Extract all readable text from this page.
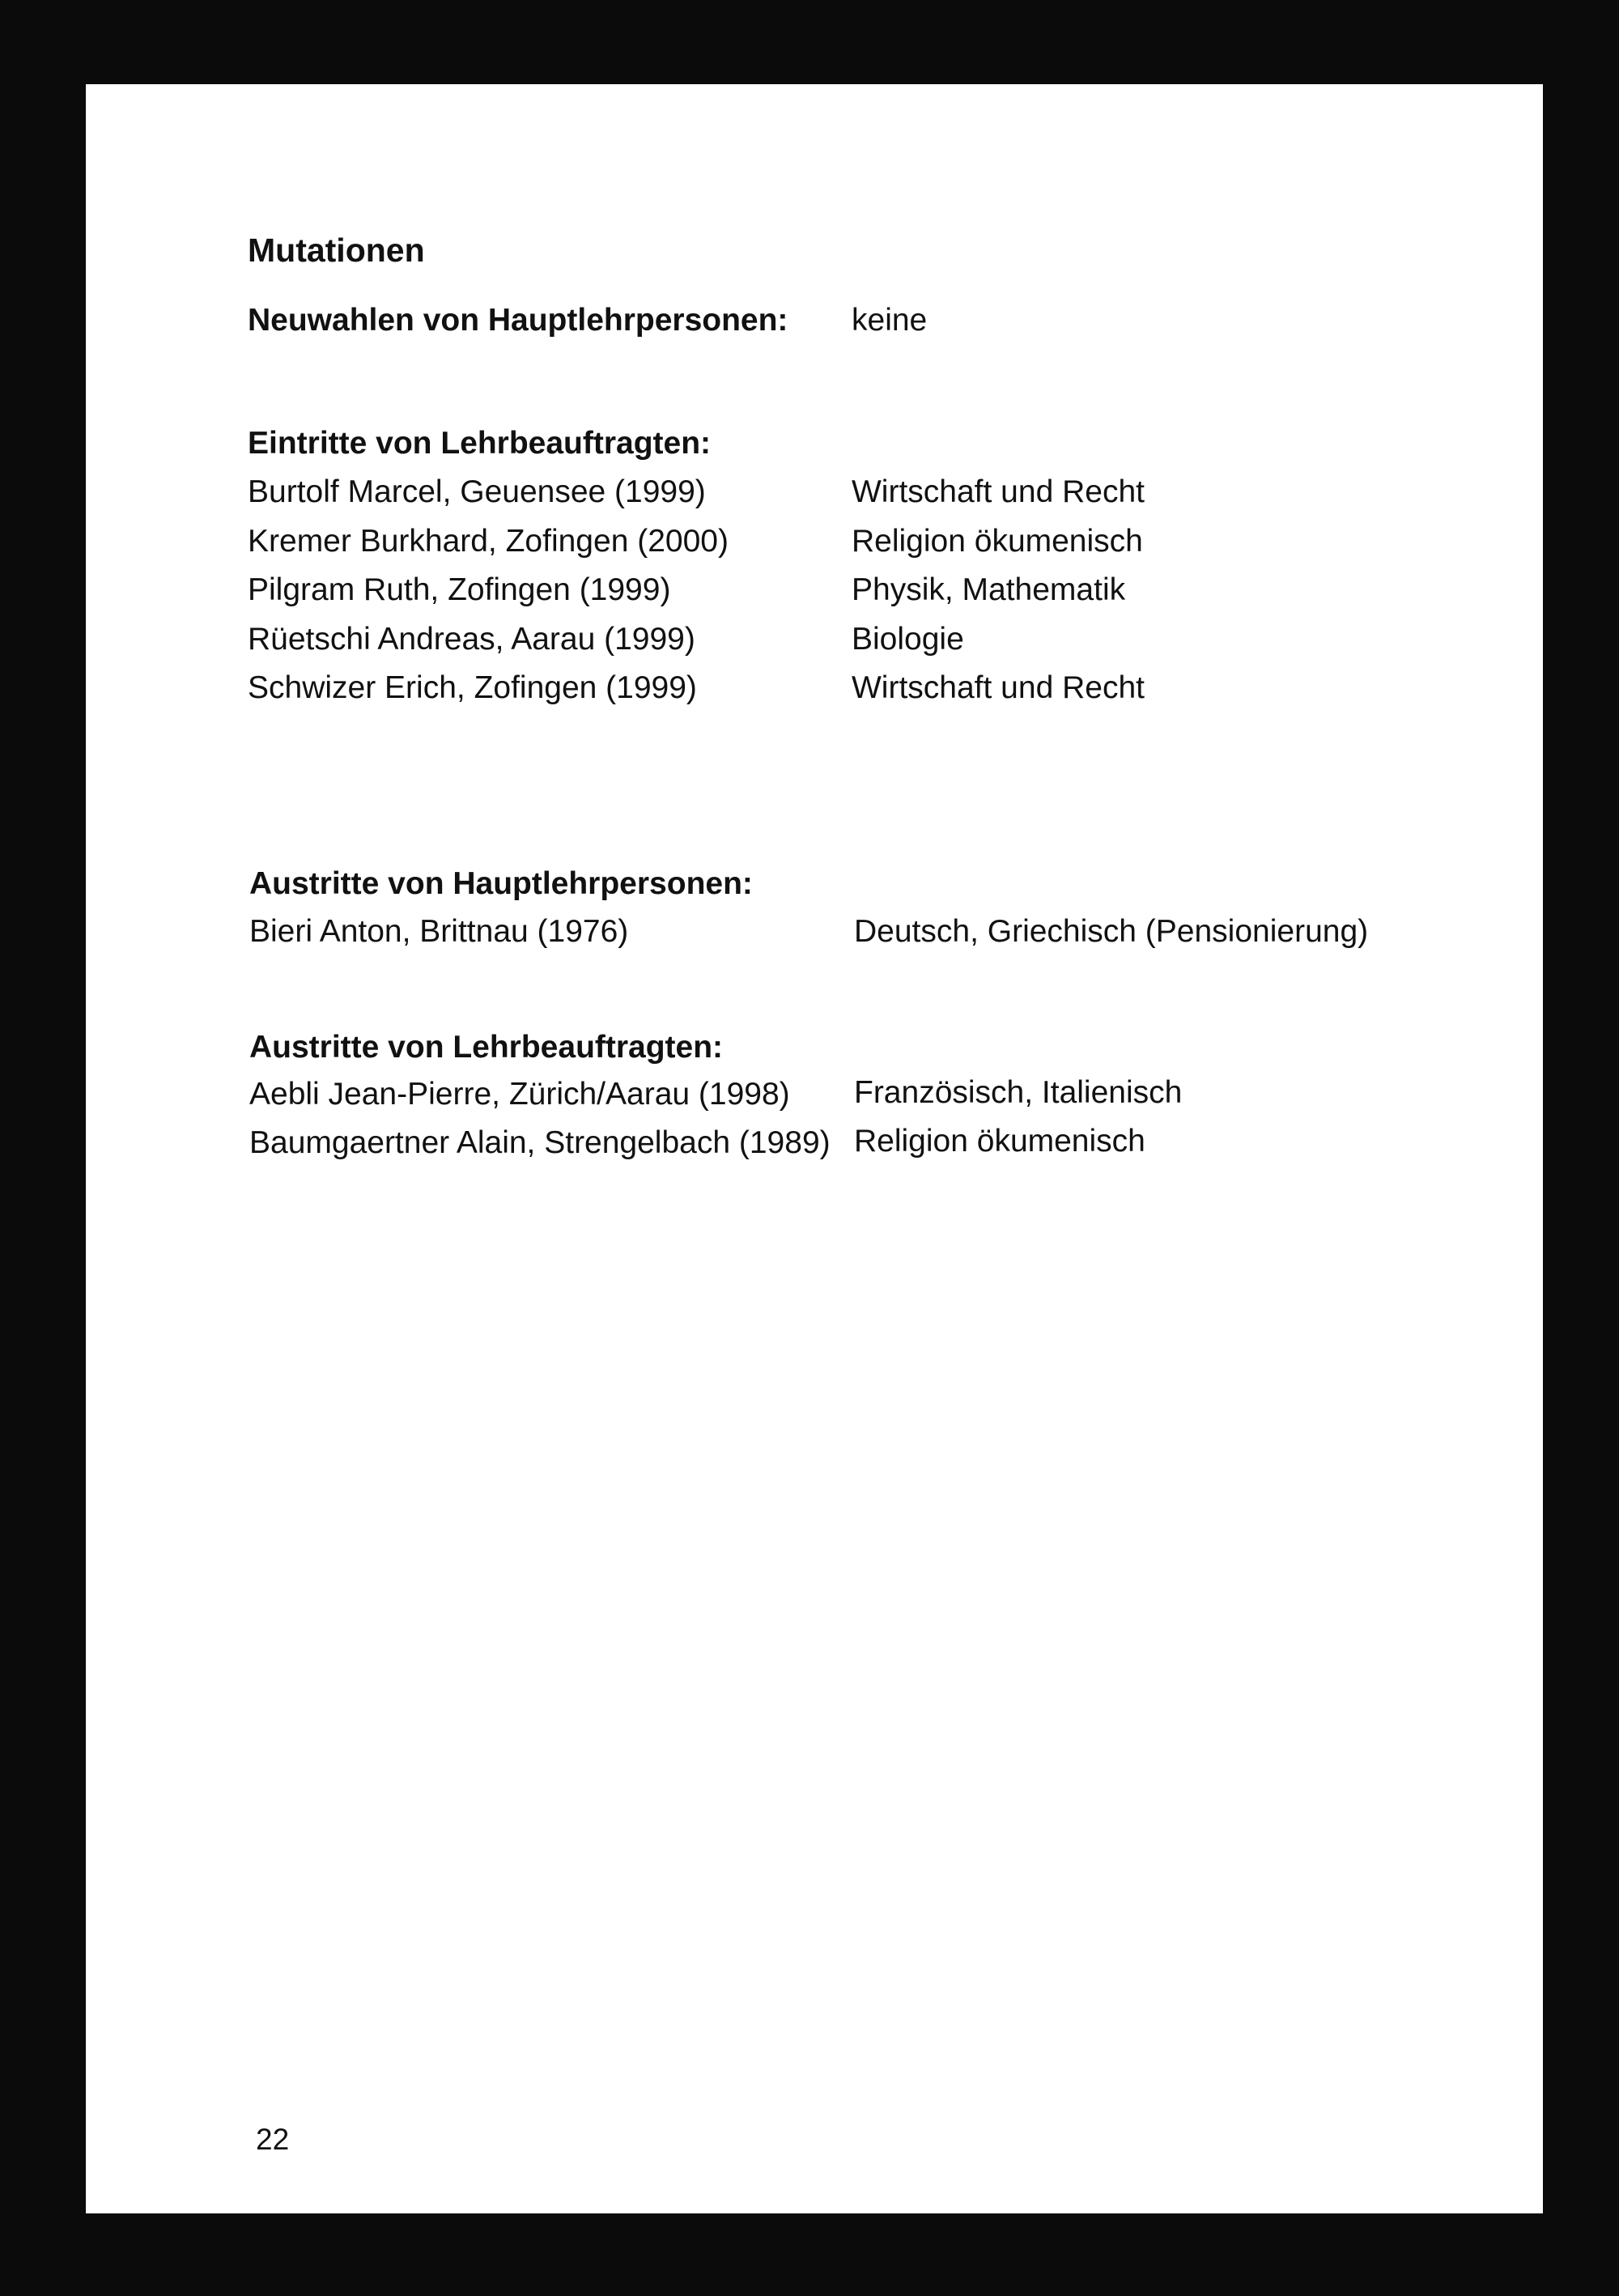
Mutationen
Neuwahlen von Hauptlehrpersonen: keine
Eintritte von Lehrbeauftragten:
Burtolf Marcel, Geuensee (1999)	Wirtschaft und Recht
Kremer Burkhard, Zofingen (2000)	Religion ökumenisch
Pilgram Ruth, Zofingen (1999)	Physik, Mathematik
Rüetschi Andreas, Aarau (1999)	Biologie
Schwizer Erich, Zofingen (1999)	Wirtschaft und Recht
Austritte von Hauptlehrpersonen:
Bieri Anton, Brittnau (1976)	Deutsch, Griechisch (Pensionierung)
Austritte von Lehrbeauftragten:
Aebli Jean-Pierre, Zürich/Aarau (1998) Französisch, Italienisch
Baumgaertner Alain, Strengelbach (1989) Religion ökumenisch
22
